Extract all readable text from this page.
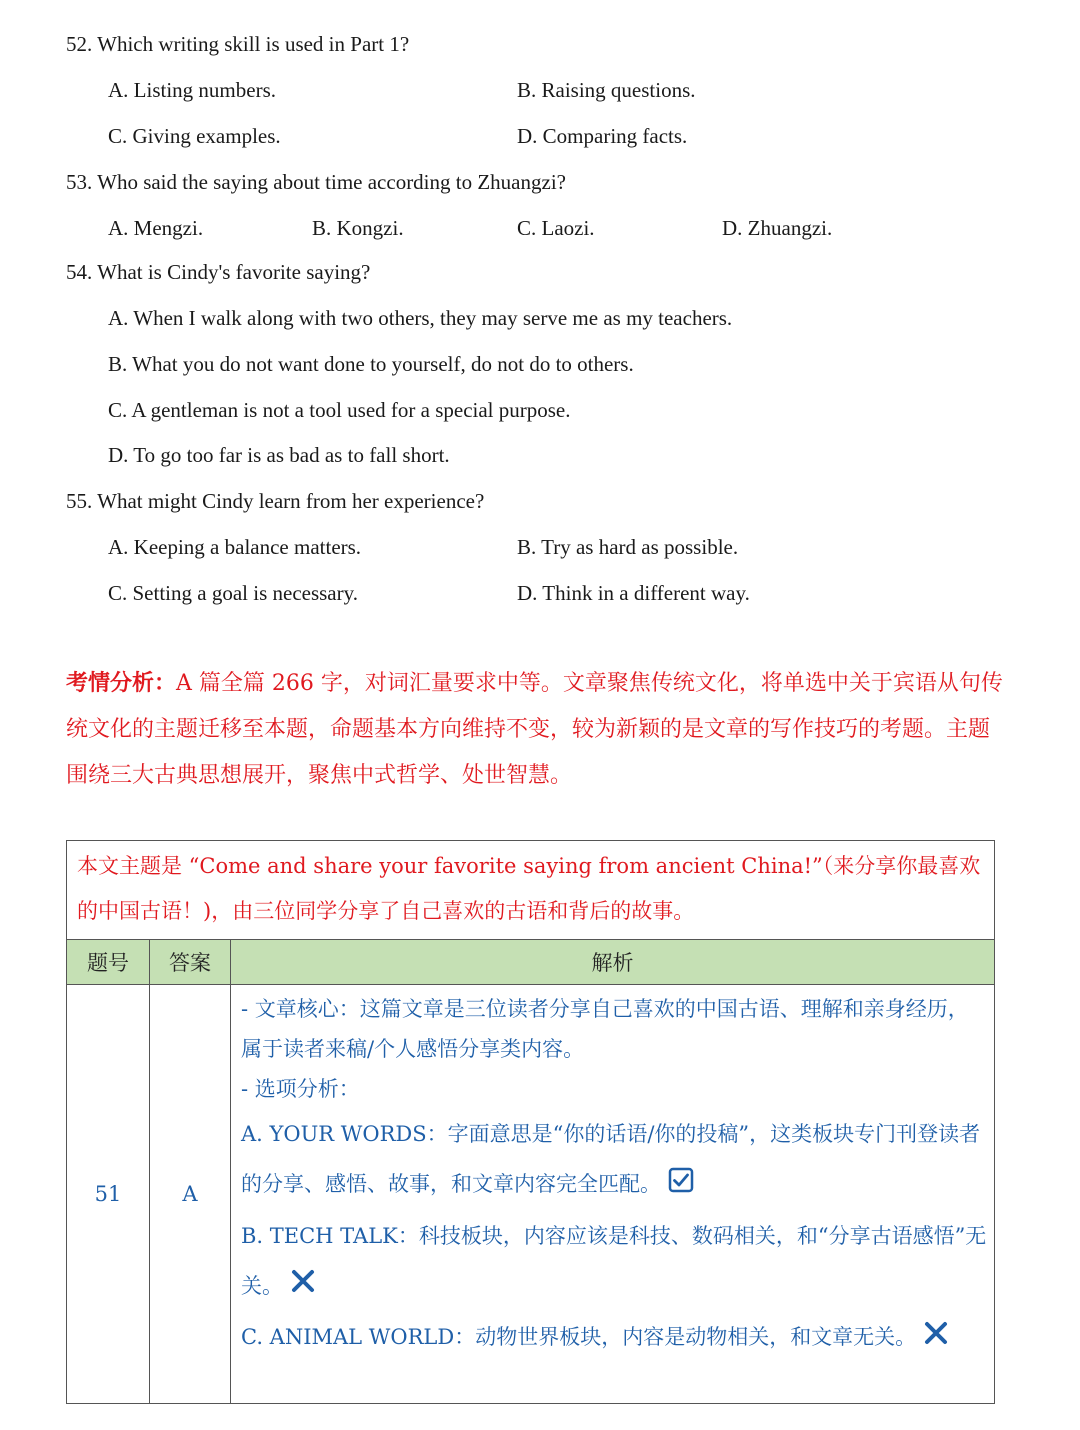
52. Which writing skill is used in Part 1?
A. Listing numbers.	B. Raising questions.
C. Giving examples.	D. Comparing facts.
53. Who said the saying about time according to Zhuangzi?
A. Mengzi.	B. Kongzi.	C. Laozi.	D. Zhuangzi.
54. What is Cindy's favorite saying?
A. When I walk along with two others, they may serve me as my teachers.
B. What you do not want done to yourself, do not do to others.
C. A gentleman is not a tool used for a special purpose.
D. To go too far is as bad as to fall short.
55. What might Cindy learn from her experience?
A. Keeping a balance matters.	B. Try as hard as possible.
C. Setting a goal is necessary.	D. Think in a different way.
考情分析：A 篇全篇 266 字，对词汇量要求中等。文章聚焦传统文化，将单选中关于宾语从句传统文化的主题迁移至本题，命题基本方向维持不变，较为新颖的是文章的写作技巧的考题。主题围绕三大古典思想展开，聚焦中式哲学、处世智慧。
本文主题是 “Come and share your favorite saying from ancient China!”（来分享你最喜欢的中国古语！)，由三位同学分享了自己喜欢的古语和背后的故事。		
题号	答案	解析
51	A	- 文章核心：这篇文章是三位读者分享自己喜欢的中国古语、理解和亲身经历，属于读者来稿/个人感悟分享类内容。
- 选项分析：
A. YOUR WORDS：字面意思是“你的话语/你的投稿”，这类板块专门刊登读者的分享、感悟、故事，和文章内容完全匹配。
B. TECH TALK：科技板块，内容应该是科技、数码相关，和“分享古语感悟”无关。
C. ANIMAL WORLD：动物世界板块，内容是动物相关，和文章无关。
